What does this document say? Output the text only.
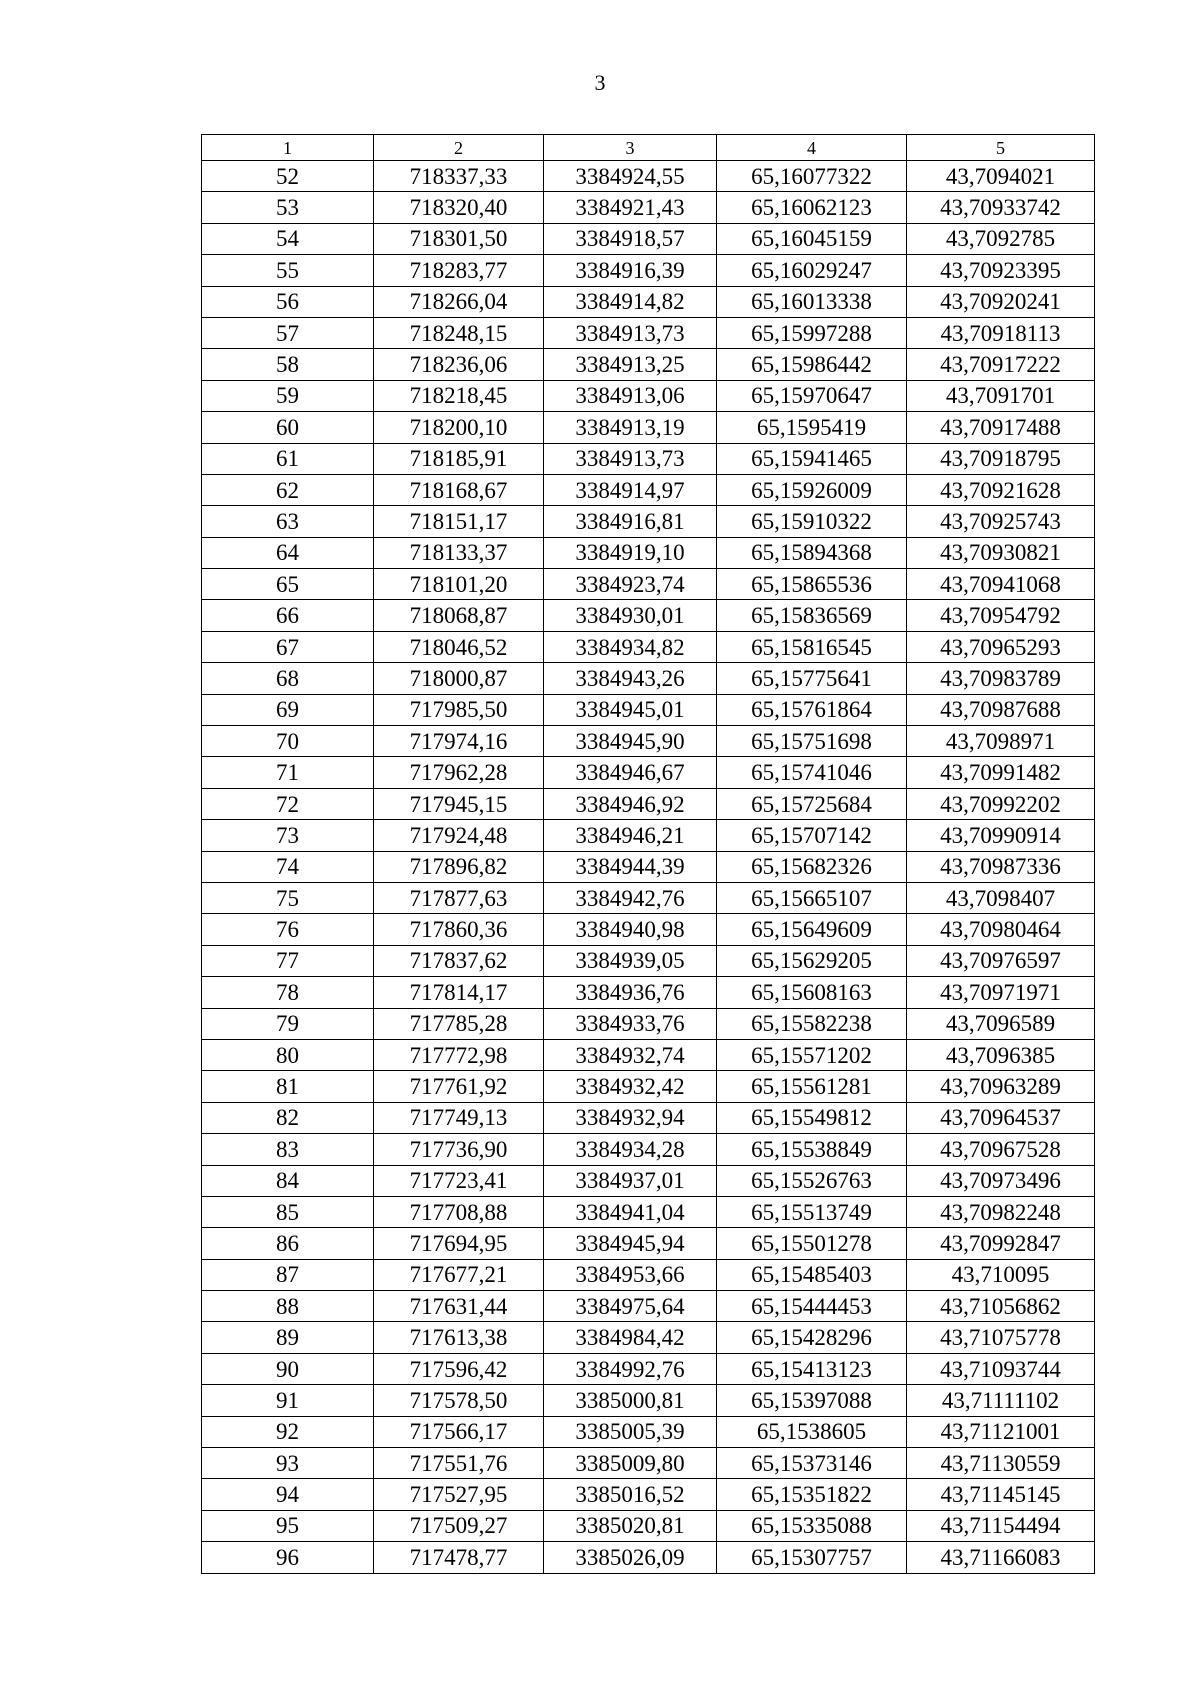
3
1	2	3	4	5
52	718337,33	3384924,55	65,16077322	43,7094021
53	718320,40	3384921,43	65,16062123	43,70933742
54	718301,50	3384918,57	65,16045159	43,7092785
55	718283,77	3384916,39	65,16029247	43,70923395
56	718266,04	3384914,82	65,16013338	43,70920241
57	718248,15	3384913,73	65,15997288	43,70918113
58	718236,06	3384913,25	65,15986442	43,70917222
59	718218,45	3384913,06	65,15970647	43,7091701
60	718200,10	3384913,19	65,1595419	43,70917488
61	718185,91	3384913,73	65,15941465	43,70918795
62	718168,67	3384914,97	65,15926009	43,70921628
63	718151,17	3384916,81	65,15910322	43,70925743
64	718133,37	3384919,10	65,15894368	43,70930821
65	718101,20	3384923,74	65,15865536	43,70941068
66	718068,87	3384930,01	65,15836569	43,70954792
67	718046,52	3384934,82	65,15816545	43,70965293
68	718000,87	3384943,26	65,15775641	43,70983789
69	717985,50	3384945,01	65,15761864	43,70987688
70	717974,16	3384945,90	65,15751698	43,7098971
71	717962,28	3384946,67	65,15741046	43,70991482
72	717945,15	3384946,92	65,15725684	43,70992202
73	717924,48	3384946,21	65,15707142	43,70990914
74	717896,82	3384944,39	65,15682326	43,70987336
75	717877,63	3384942,76	65,15665107	43,7098407
76	717860,36	3384940,98	65,15649609	43,70980464
77	717837,62	3384939,05	65,15629205	43,70976597
78	717814,17	3384936,76	65,15608163	43,70971971
79	717785,28	3384933,76	65,15582238	43,7096589
80	717772,98	3384932,74	65,15571202	43,7096385
81	717761,92	3384932,42	65,15561281	43,70963289
82	717749,13	3384932,94	65,15549812	43,70964537
83	717736,90	3384934,28	65,15538849	43,70967528
84	717723,41	3384937,01	65,15526763	43,70973496
85	717708,88	3384941,04	65,15513749	43,70982248
86	717694,95	3384945,94	65,15501278	43,70992847
87	717677,21	3384953,66	65,15485403	43,710095
88	717631,44	3384975,64	65,15444453	43,71056862
89	717613,38	3384984,42	65,15428296	43,71075778
90	717596,42	3384992,76	65,15413123	43,71093744
91	717578,50	3385000,81	65,15397088	43,71111102
92	717566,17	3385005,39	65,1538605	43,71121001
93	717551,76	3385009,80	65,15373146	43,71130559
94	717527,95	3385016,52	65,15351822	43,71145145
95	717509,27	3385020,81	65,15335088	43,71154494
96	717478,77	3385026,09	65,15307757	43,71166083
